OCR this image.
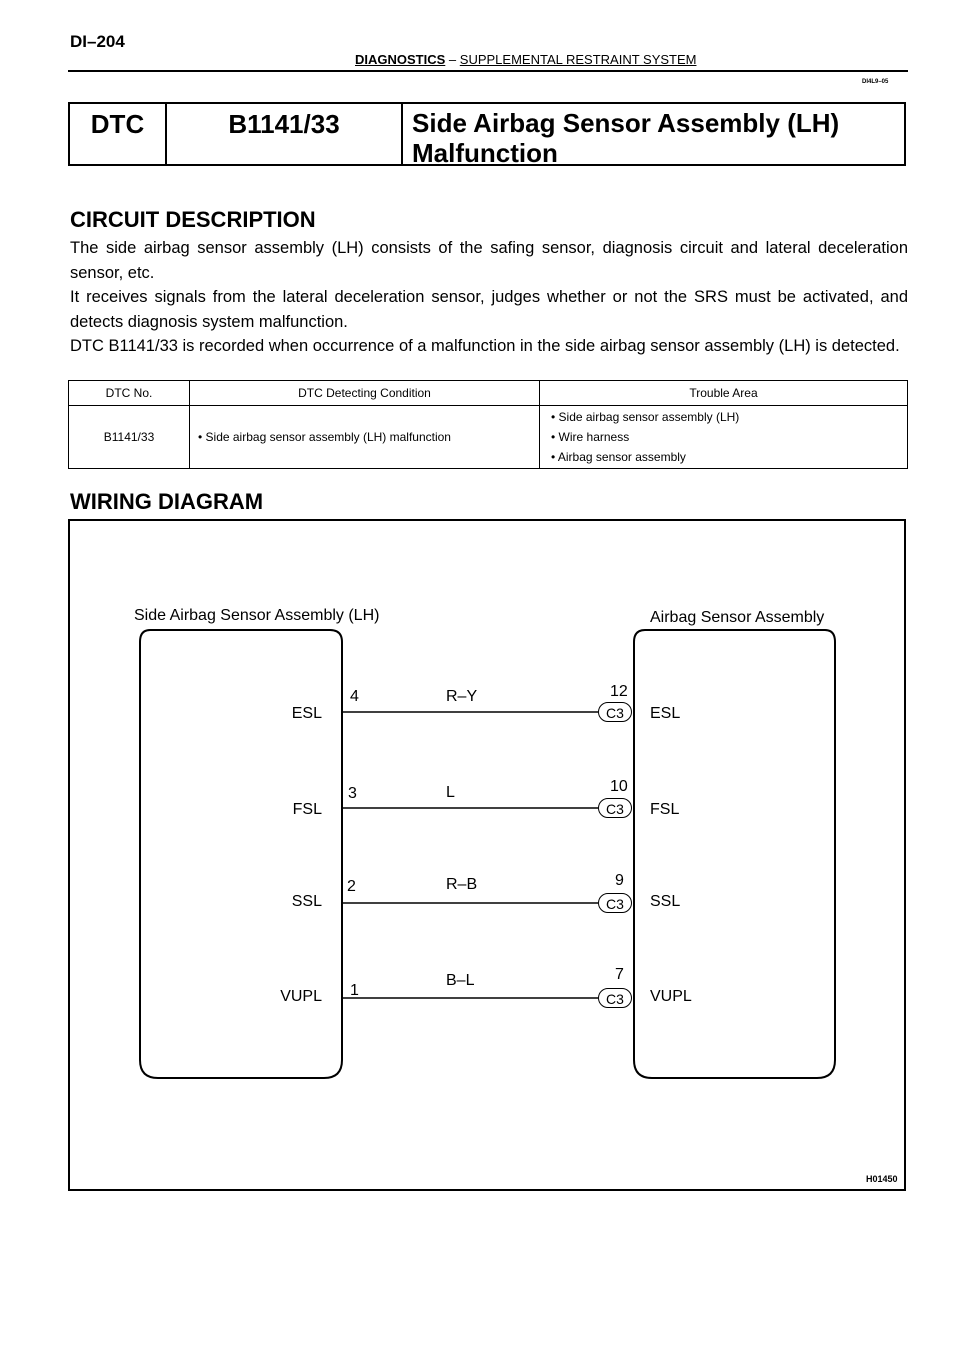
DI–204
DIAGNOSTICS – SUPPLEMENTAL RESTRAINT SYSTEM
DI4L9–05
DTC	B1141/33	Side Airbag Sensor Assembly (LH)
Malfunction
CIRCUIT DESCRIPTION

The side airbag sensor assembly (LH) consists of the safing sensor, diagnosis circuit and lateral deceleration sensor, etc.

It receives signals from the lateral deceleration sensor, judges whether or not the SRS must be activated, and detects diagnosis system malfunction.

DTC B1141/33 is recorded when occurrence of a malfunction in the side airbag sensor assembly (LH) is detected.

DTC No.	DTC Detecting Condition	Trouble Area
B1141/33	• Side airbag sensor assembly (LH) malfunction	• Side airbag sensor assembly (LH)
• Wire harness
• Airbag sensor assembly
WIRING DIAGRAM
Side Airbag Sensor Assembly (LH)	Airbag Sensor Assembly
ESL
4	R–Y	12
C3	ESL
FSL
3	L	10
C3	FSL
SSL
2	R–B	9
C3	SSL
VUPL 1
B–L	7
C3	VUPL
H01450
